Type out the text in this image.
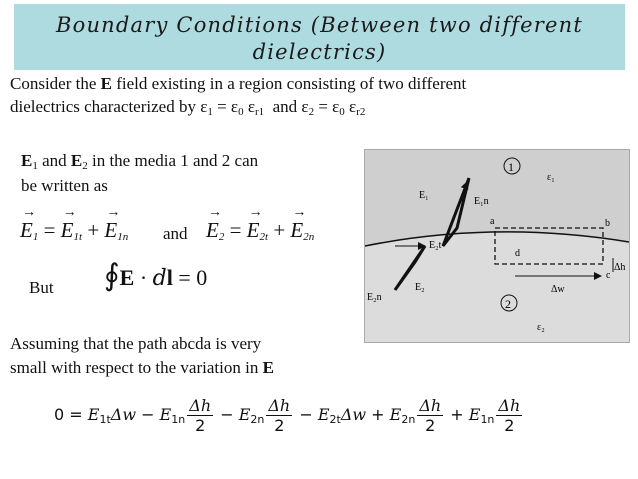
Boundary Conditions (Between two different
dielectrics)
Consider the E field existing in a region consisting of two different
dielectrics characterized by $\varepsilon_1 = \varepsilon_0$ $\varepsilon_{r1}$  and $\varepsilon_2 = \varepsilon_0$ $\varepsilon_{r2}$
$E_1$ and $E_2$ in the media 1 and 2 can
be written as
→ $E_1$ = → $E_{1t}$ + → $E_{1n}$ and
→ $E_2$ = → $E_{2t}$ + → $E_{2n}$
But ∮E · dl = 0
Assuming that the path abcda is very
small with respect to the variation in E
1
ε₁
2
ε₂
E₁
E₁n
E₂t
E₂n
E₂
a	b
c
d
Δh
Δw
$0 = E_{1t}\Delta w - E_{1n} \frac{\Delta h}{2} - E_{2n} \frac{\Delta h}{2} - E_{2t}\Delta w + E_{2n} \frac{\Delta h}{2} + E_{1n} \frac{\Delta h}{2}$
